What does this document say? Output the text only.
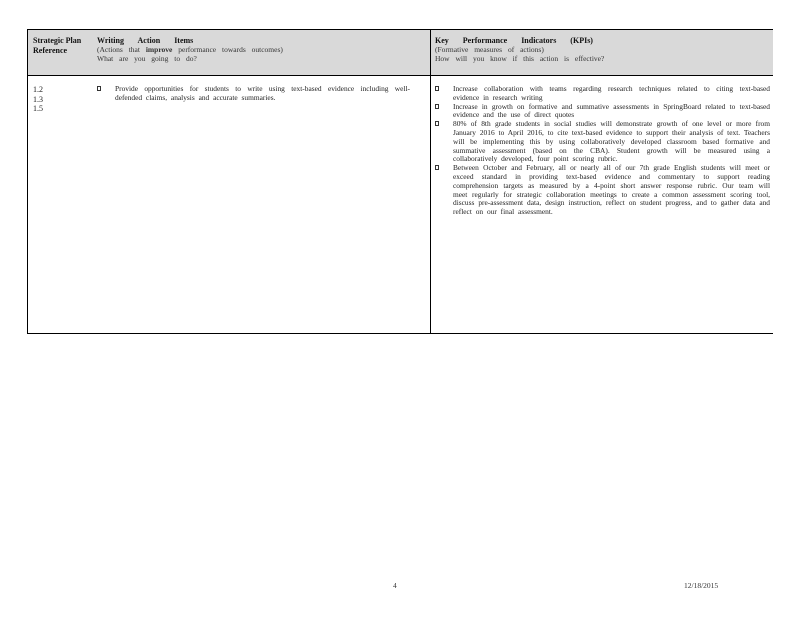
Strategic Plan Reference
Writing Action Items
(Actions that improve performance towards outcomes)
What are you going to do?
Key Performance Indicators (KPIs)
(Formative measures of actions)
How will you know if this action is effective?
1.2
1.3
1.5
Provide opportunities for students to write using text-based evidence including well-defended claims, analysis and accurate summaries.
Increase collaboration with teams regarding research techniques related to citing text-based evidence in research writing
Increase in growth on formative and summative assessments in SpringBoard related to text-based evidence and the use of direct quotes
80% of 8th grade students in social studies will demonstrate growth of one level or more from January 2016 to April 2016, to cite text-based evidence to support their analysis of text. Teachers will be implementing this by using collaboratively developed classroom based formative and summative assessment (based on the CBA). Student growth will be measured using a collaboratively developed, four point scoring rubric.
Between October and February, all or nearly all of our 7th grade English students will meet or exceed standard in providing text-based evidence and commentary to support reading comprehension targets as measured by a 4-point short answer response rubric. Our team will meet regularly for strategic collaboration meetings to create a common assessment scoring tool, discuss pre-assessment data, design instruction, reflect on student progress, and to gather data and reflect on our final assessment.
4	12/18/2015
